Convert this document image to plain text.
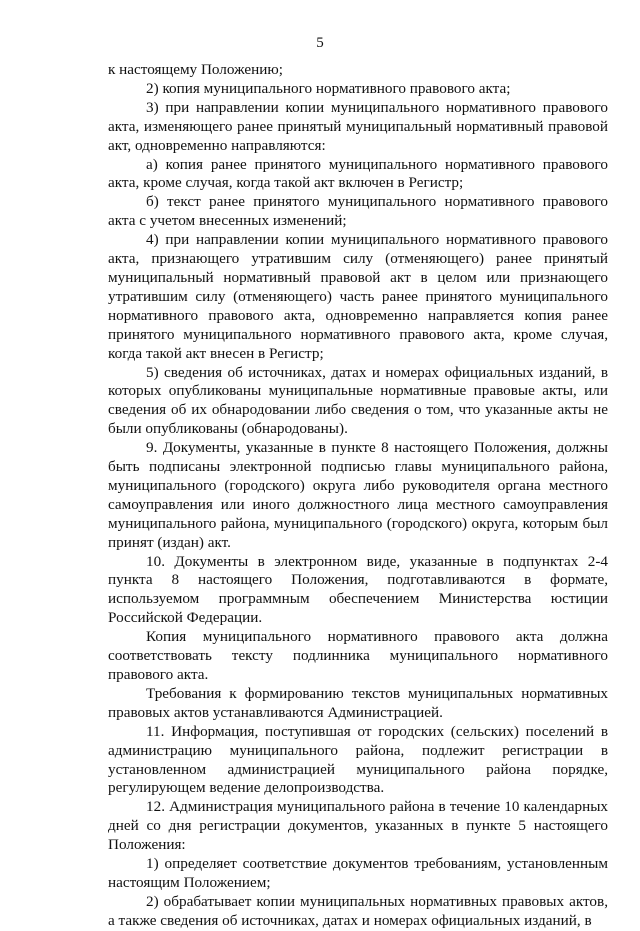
5

к настоящему Положению;

2) копия муниципального нормативного правового акта;

3) при направлении копии муниципального нормативного правового акта, изменяющего ранее принятый муниципальный нормативный правовой акт, одновременно направляются:

а) копия ранее принятого муниципального нормативного правового акта, кроме случая, когда такой акт включен в Регистр;

б) текст ранее принятого муниципального нормативного правового акта с учетом внесенных изменений;

4) при направлении копии муниципального нормативного правового акта, признающего утратившим силу (отменяющего) ранее принятый муниципальный нормативный правовой акт в целом или признающего утратившим силу (отменяющего) часть ранее принятого муниципального нормативного правового акта, одновременно направляется копия ранее принятого муниципального нормативного правового акта, кроме случая, когда такой акт внесен в Регистр;

5) сведения об источниках, датах и номерах официальных изданий, в которых опубликованы муниципальные нормативные правовые акты, или сведения об их обнародовании либо сведения о том, что указанные акты не были опубликованы (обнародованы).

9. Документы, указанные в пункте 8 настоящего Положения, должны быть подписаны электронной подписью главы муниципального района, муниципального (городского) округа либо руководителя органа местного самоуправления или иного должностного лица местного самоуправления муниципального района, муниципального (городского) округа, которым был принят (издан) акт.

10. Документы в электронном виде, указанные в подпунктах 2-4 пункта 8 настоящего Положения, подготавливаются в формате, используемом программным обеспечением Министерства юстиции Российской Федерации.

Копия муниципального нормативного правового акта должна соответствовать тексту подлинника муниципального нормативного правового акта.

Требования к формированию текстов муниципальных нормативных правовых актов устанавливаются Администрацией.

11. Информация, поступившая от городских (сельских) поселений в администрацию муниципального района, подлежит регистрации в установленном администрацией муниципального района порядке, регулирующем ведение делопроизводства.

12. Администрация муниципального района в течение 10 календарных дней со дня регистрации документов, указанных в пункте 5 настоящего Положения:

1) определяет соответствие документов требованиям, установленным настоящим Положением;

2) обрабатывает копии муниципальных нормативных правовых актов, а также сведения об источниках, датах и номерах официальных изданий, в
